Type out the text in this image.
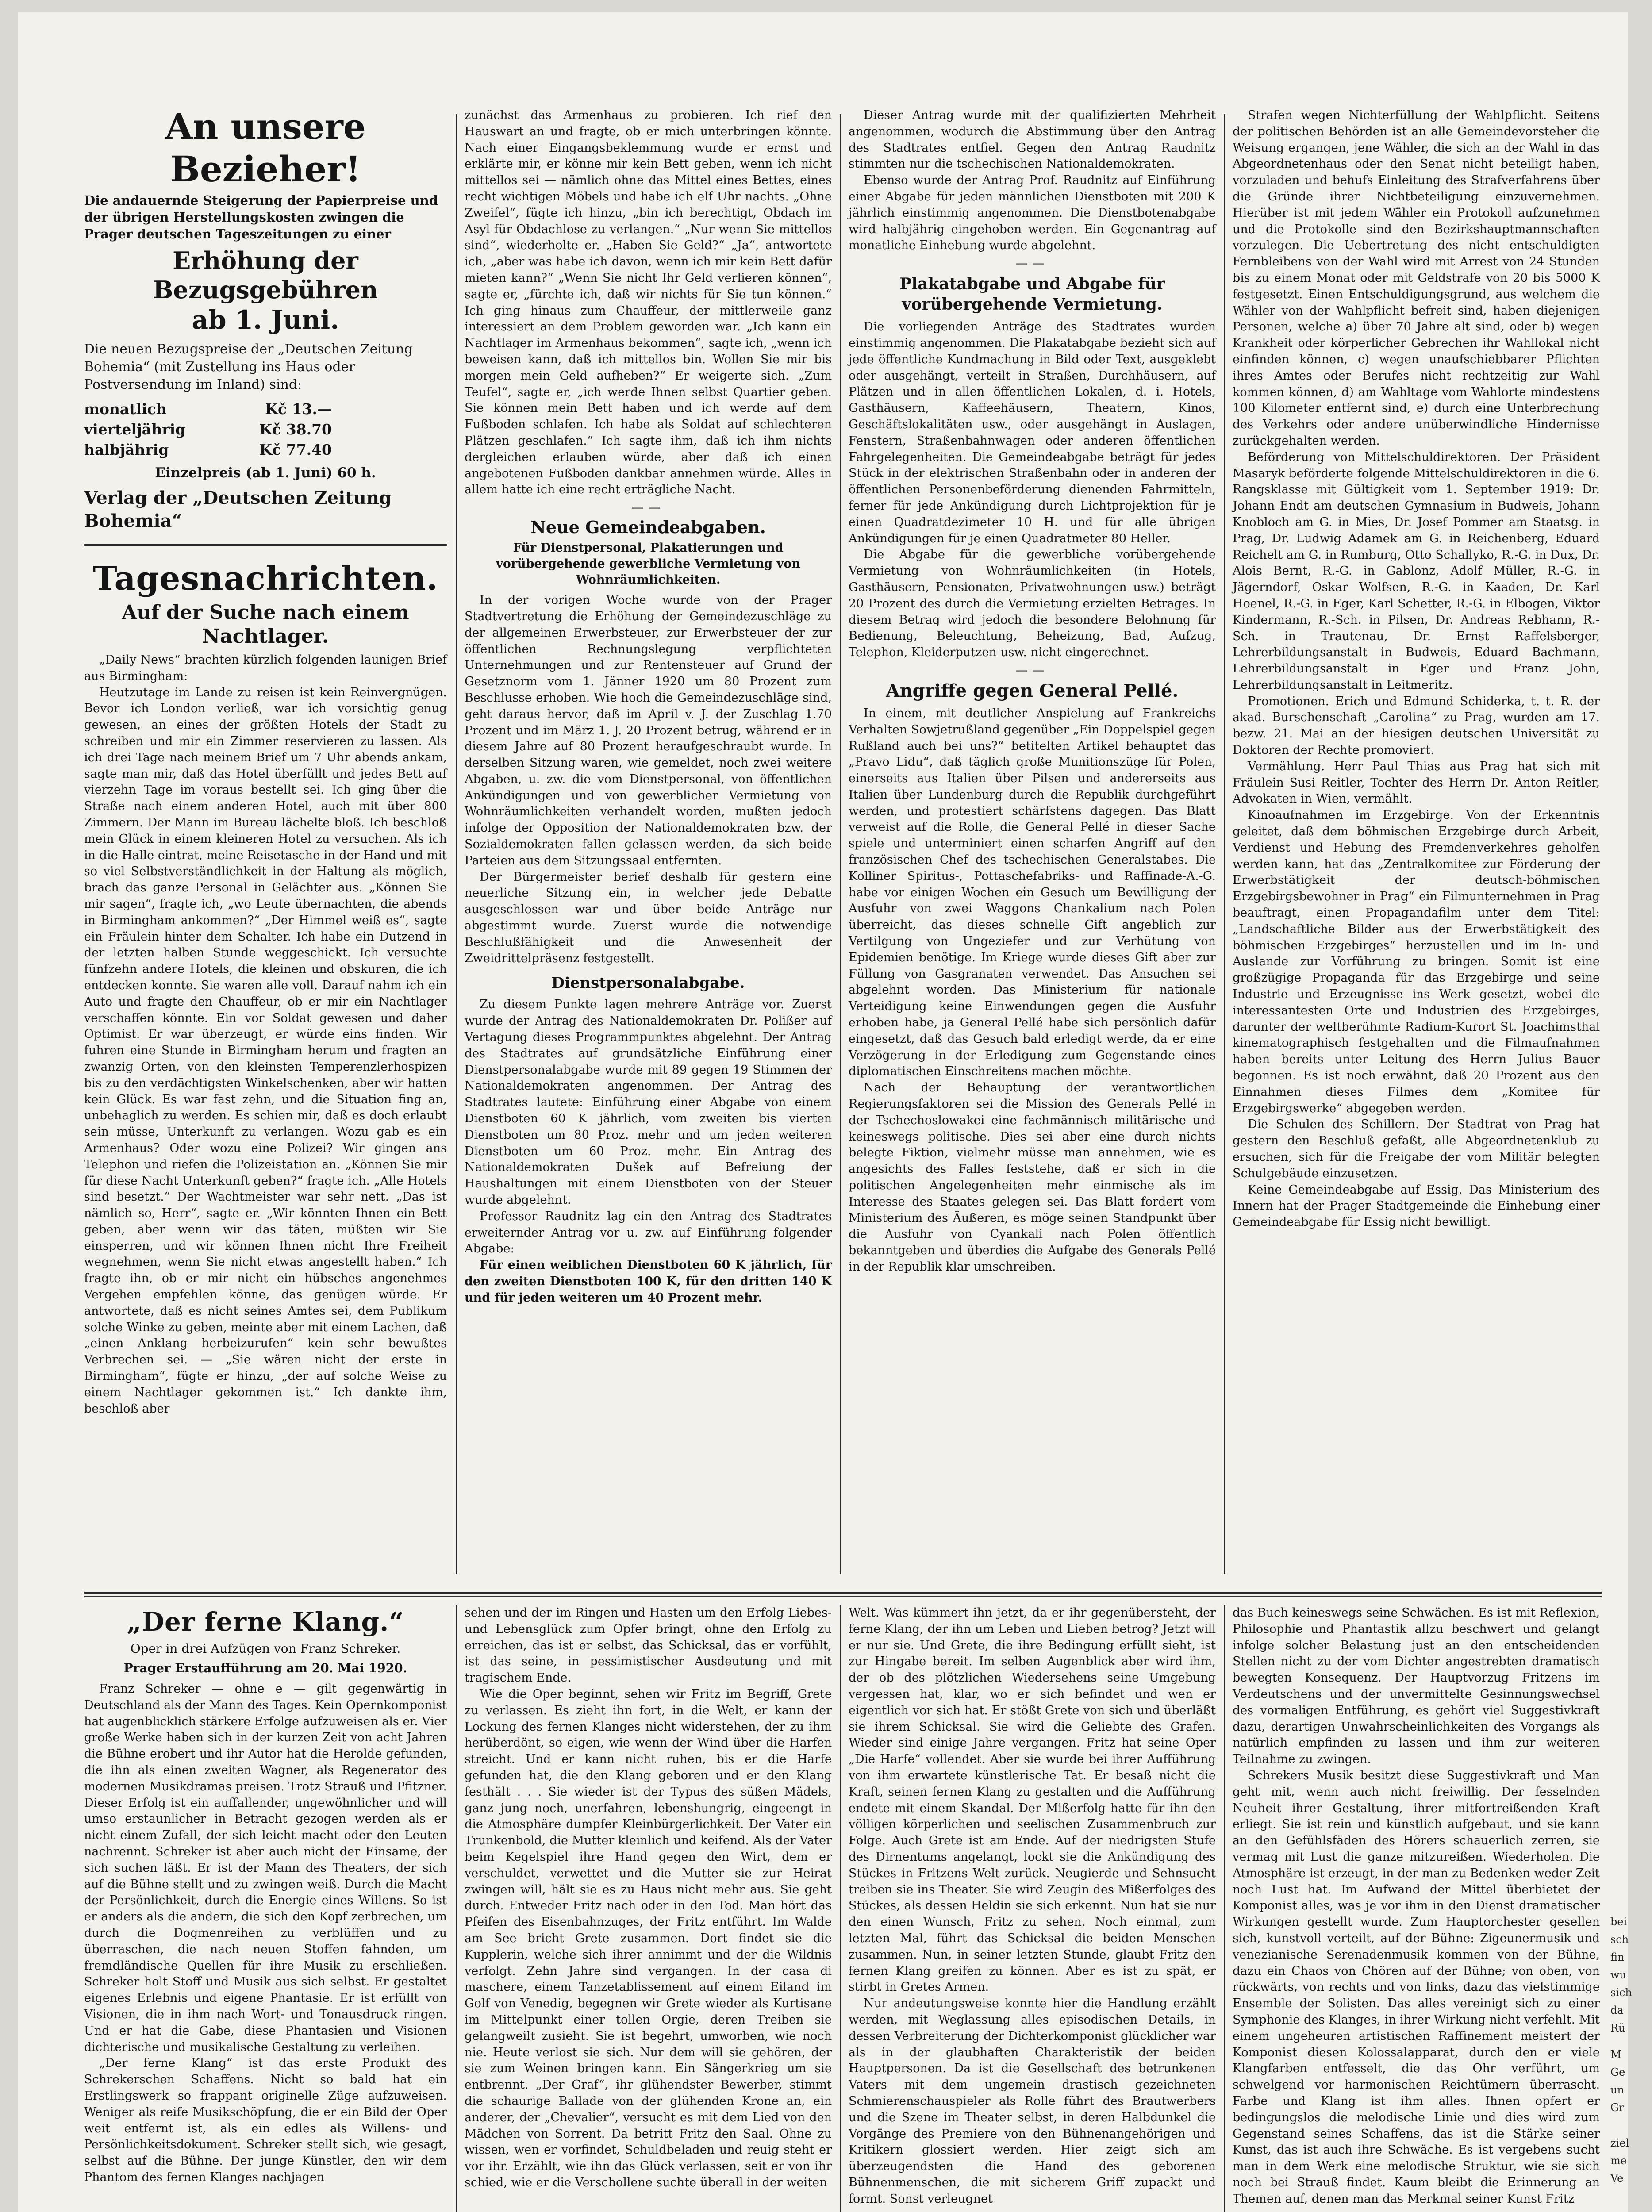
An unsere Bezieher!

Die andauernde Steigerung der Papierpreise und der übrigen Herstellungskosten zwingen die Prager deutschen Tageszeitungen zu einer

Erhöhung der Bezugsgebühren

ab 1. Juni.

Die neuen Bezugspreise der „Deutschen Zeitung Bohemia“ (mit Zustellung ins Haus oder Postversendung im Inland) sind:

monatlich	Kč 13.—
vierteljährig	Kč 38.70
halbjährig	Kč 77.40

Einzelpreis (ab 1. Juni) 60 h.

Verlag der „Deutschen Zeitung Bohemia“

Tagesnachrichten.

Auf der Suche nach einem Nachtlager.

„Daily News“ brachten kürzlich folgenden launigen Brief aus Birmingham:

Heutzutage im Lande zu reisen ist kein Reinvergnügen. Bevor ich London verließ, war ich vorsichtig genug gewesen, an eines der größten Hotels der Stadt zu schreiben und mir ein Zimmer reservieren zu lassen. Als ich drei Tage nach meinem Brief um 7 Uhr abends ankam, sagte man mir, daß das Hotel überfüllt und jedes Bett auf vierzehn Tage im voraus bestellt sei. Ich ging über die Straße nach einem anderen Hotel, auch mit über 800 Zimmern. Der Mann im Bureau lächelte bloß. Ich beschloß mein Glück in einem kleineren Hotel zu versuchen. Als ich in die Halle eintrat, meine Reisetasche in der Hand und mit so viel Selbstverständlichkeit in der Haltung als möglich, brach das ganze Personal in Gelächter aus. „Können Sie mir sagen“, fragte ich, „wo Leute übernachten, die abends in Birmingham ankommen?“ „Der Himmel weiß es“, sagte ein Fräulein hinter dem Schalter. Ich habe ein Dutzend in der letzten halben Stunde weggeschickt. Ich versuchte fünfzehn andere Hotels, die kleinen und obskuren, die ich entdecken konnte. Sie waren alle voll. Darauf nahm ich ein Auto und fragte den Chauffeur, ob er mir ein Nachtlager verschaffen könnte. Ein vor Soldat gewesen und daher Optimist. Er war überzeugt, er würde eins finden. Wir fuhren eine Stunde in Birmingham herum und fragten an zwanzig Orten, von den kleinsten Temperenzlerhospizen bis zu den verdächtigsten Winkelschenken, aber wir hatten kein Glück. Es war fast zehn, und die Situation fing an, unbehaglich zu werden. Es schien mir, daß es doch erlaubt sein müsse, Unterkunft zu verlangen. Wozu gab es ein Armenhaus? Oder wozu eine Polizei? Wir gingen ans Telephon und riefen die Polizeistation an. „Können Sie mir für diese Nacht Unterkunft geben?“ fragte ich. „Alle Hotels sind besetzt.“ Der Wachtmeister war sehr nett. „Das ist nämlich so, Herr“, sagte er. „Wir könnten Ihnen ein Bett geben, aber wenn wir das täten, müßten wir Sie einsperren, und wir können Ihnen nicht Ihre Freiheit wegnehmen, wenn Sie nicht etwas angestellt haben.“ Ich fragte ihn, ob er mir nicht ein hübsches angenehmes Vergehen empfehlen könne, das genügen würde. Er antwortete, daß es nicht seines Amtes sei, dem Publikum solche Winke zu geben, meinte aber mit einem Lachen, daß „einen Anklang herbeizurufen“ kein sehr bewußtes Verbrechen sei. — „Sie wären nicht der erste in Birmingham“, fügte er hinzu, „der auf solche Weise zu einem Nachtlager gekommen ist.“ Ich dankte ihm, beschloß aber

zunächst das Armenhaus zu probieren. Ich rief den Hauswart an und fragte, ob er mich unterbringen könnte. Nach einer Eingangsbeklemmung wurde er ernst und erklärte mir, er könne mir kein Bett geben, wenn ich nicht mittellos sei — nämlich ohne das Mittel eines Bettes, eines recht wichtigen Möbels und habe ich elf Uhr nachts. „Ohne Zweifel“, fügte ich hinzu, „bin ich berechtigt, Obdach im Asyl für Obdachlose zu verlangen.“ „Nur wenn Sie mittellos sind“, wiederholte er. „Haben Sie Geld?“ „Ja“, antwortete ich, „aber was habe ich davon, wenn ich mir kein Bett dafür mieten kann?“ „Wenn Sie nicht Ihr Geld verlieren können“, sagte er, „fürchte ich, daß wir nichts für Sie tun können.“ Ich ging hinaus zum Chauffeur, der mittlerweile ganz interessiert an dem Problem geworden war. „Ich kann ein Nachtlager im Armenhaus bekommen“, sagte ich, „wenn ich beweisen kann, daß ich mittellos bin. Wollen Sie mir bis morgen mein Geld aufheben?“ Er weigerte sich. „Zum Teufel“, sagte er, „ich werde Ihnen selbst Quartier geben. Sie können mein Bett haben und ich werde auf dem Fußboden schlafen. Ich habe als Soldat auf schlechteren Plätzen geschlafen.“ Ich sagte ihm, daß ich ihm nichts dergleichen erlauben würde, aber daß ich einen angebotenen Fußboden dankbar annehmen würde. Alles in allem hatte ich eine recht erträgliche Nacht.

——

Neue Gemeindeabgaben.

Für Dienstpersonal, Plakatierungen und vorübergehende gewerbliche Vermietung von Wohnräumlichkeiten.

In der vorigen Woche wurde von der Prager Stadtvertretung die Erhöhung der Gemeindezuschläge zu der allgemeinen Erwerbsteuer, zur Erwerbsteuer der zur öffentlichen Rechnungslegung verpflichteten Unternehmungen und zur Rentensteuer auf Grund der Gesetznorm vom 1. Jänner 1920 um 80 Prozent zum Beschlusse erhoben. Wie hoch die Gemeindezuschläge sind, geht daraus hervor, daß im April v. J. der Zuschlag 1.70 Prozent und im März 1. J. 20 Prozent betrug, während er in diesem Jahre auf 80 Prozent heraufgeschraubt wurde. In derselben Sitzung waren, wie gemeldet, noch zwei weitere Abgaben, u. zw. die vom Dienstpersonal, von öffentlichen Ankündigungen und von gewerblicher Vermietung von Wohnräumlichkeiten verhandelt worden, mußten jedoch infolge der Opposition der Nationaldemokraten bzw. der Sozialdemokraten fallen gelassen werden, da sich beide Parteien aus dem Sitzungssaal entfernten.

Der Bürgermeister berief deshalb für gestern eine neuerliche Sitzung ein, in welcher jede Debatte ausgeschlossen war und über beide Anträge nur abgestimmt wurde. Zuerst wurde die notwendige Beschlußfähigkeit und die Anwesenheit der Zweidrittelpräsenz festgestellt.

Dienstpersonalabgabe.

Zu diesem Punkte lagen mehrere Anträge vor. Zuerst wurde der Antrag des Nationaldemokraten Dr. Polißer auf Vertagung dieses Programmpunktes abgelehnt. Der Antrag des Stadtrates auf grundsätzliche Einführung einer Dienstpersonalabgabe wurde mit 89 gegen 19 Stimmen der Nationaldemokraten angenommen. Der Antrag des Stadtrates lautete: Einführung einer Abgabe von einem Dienstboten 60 K jährlich, vom zweiten bis vierten Dienstboten um 80 Proz. mehr und um jeden weiteren Dienstboten um 60 Proz. mehr. Ein Antrag des Nationaldemokraten Dušek auf Befreiung der Haushaltungen mit einem Dienstboten von der Steuer wurde abgelehnt.

Professor Raudnitz lag ein den Antrag des Stadtrates erweiternder Antrag vor u. zw. auf Einführung folgender Abgabe:

Für einen weiblichen Dienstboten 60 K jährlich, für den zweiten Dienstboten 100 K, für den dritten 140 K und für jeden weiteren um 40 Prozent mehr.

Dieser Antrag wurde mit der qualifizierten Mehrheit angenommen, wodurch die Abstimmung über den Antrag des Stadtrates entfiel. Gegen den Antrag Raudnitz stimmten nur die tschechischen Nationaldemokraten.

Ebenso wurde der Antrag Prof. Raudnitz auf Einführung einer Abgabe für jeden männlichen Dienstboten mit 200 K jährlich einstimmig angenommen. Die Dienstbotenabgabe wird halbjährig eingehoben werden. Ein Gegenantrag auf monatliche Einhebung wurde abgelehnt.

——

Plakatabgabe und Abgabe für vorübergehende Vermietung.

Die vorliegenden Anträge des Stadtrates wurden einstimmig angenommen. Die Plakatabgabe bezieht sich auf jede öffentliche Kundmachung in Bild oder Text, ausgeklebt oder ausgehängt, verteilt in Straßen, Durchhäusern, auf Plätzen und in allen öffentlichen Lokalen, d. i. Hotels, Gasthäusern, Kaffeehäusern, Theatern, Kinos, Geschäftslokalitäten usw., oder ausgehängt in Auslagen, Fenstern, Straßenbahnwagen oder anderen öffentlichen Fahrgelegenheiten. Die Gemeindeabgabe beträgt für jedes Stück in der elektrischen Straßenbahn oder in anderen der öffentlichen Personenbeförderung dienenden Fahrmitteln, ferner für jede Ankündigung durch Lichtprojektion für je einen Quadratdezimeter 10 H. und für alle übrigen Ankündigungen für je einen Quadratmeter 80 Heller.

Die Abgabe für die gewerbliche vorübergehende Vermietung von Wohnräumlichkeiten (in Hotels, Gasthäusern, Pensionaten, Privatwohnungen usw.) beträgt 20 Prozent des durch die Vermietung erzielten Betrages. In diesem Betrag wird jedoch die besondere Belohnung für Bedienung, Beleuchtung, Beheizung, Bad, Aufzug, Telephon, Kleiderputzen usw. nicht eingerechnet.

——

Angriffe gegen General Pellé.

In einem, mit deutlicher Anspielung auf Frankreichs Verhalten Sowjetrußland gegenüber „Ein Doppelspiel gegen Rußland auch bei uns?“ betitelten Artikel behauptet das „Pravo Lidu“, daß täglich große Munitionszüge für Polen, einerseits aus Italien über Pilsen und andererseits aus Italien über Lundenburg durch die Republik durchgeführt werden, und protestiert schärfstens dagegen. Das Blatt verweist auf die Rolle, die General Pellé in dieser Sache spiele und unterminiert einen scharfen Angriff auf den französischen Chef des tschechischen Generalstabes. Die Kolliner Spiritus-, Pottaschefabriks- und Raffinade-A.-G. habe vor einigen Wochen ein Gesuch um Bewilligung der Ausfuhr von zwei Waggons Chankalium nach Polen überreicht, das dieses schnelle Gift angeblich zur Vertilgung von Ungeziefer und zur Verhütung von Epidemien benötige. Im Kriege wurde dieses Gift aber zur Füllung von Gasgranaten verwendet. Das Ansuchen sei abgelehnt worden. Das Ministerium für nationale Verteidigung keine Einwendungen gegen die Ausfuhr erhoben habe, ja General Pellé habe sich persönlich dafür eingesetzt, daß das Gesuch bald erledigt werde, da er eine Verzögerung in der Erledigung zum Gegenstande eines diplomatischen Einschreitens machen möchte.

Nach der Behauptung der verantwortlichen Regierungsfaktoren sei die Mission des Generals Pellé in der Tschechoslowakei eine fachmännisch militärische und keineswegs politische. Dies sei aber eine durch nichts belegte Fiktion, vielmehr müsse man annehmen, wie es angesichts des Falles feststehe, daß er sich in die politischen Angelegenheiten mehr einmische als im Interesse des Staates gelegen sei. Das Blatt fordert vom Ministerium des Äußeren, es möge seinen Standpunkt über die Ausfuhr von Cyankali nach Polen öffentlich bekanntgeben und überdies die Aufgabe des Generals Pellé in der Republik klar umschreiben.

Strafen wegen Nichterfüllung der Wahlpflicht. Seitens der politischen Behörden ist an alle Gemeindevorsteher die Weisung ergangen, jene Wähler, die sich an der Wahl in das Abgeordnetenhaus oder den Senat nicht beteiligt haben, vorzuladen und behufs Einleitung des Strafverfahrens über die Gründe ihrer Nichtbeteiligung einzuvernehmen. Hierüber ist mit jedem Wähler ein Protokoll aufzunehmen und die Protokolle sind den Bezirkshauptmannschaften vorzulegen. Die Uebertretung des nicht entschuldigten Fernbleibens von der Wahl wird mit Arrest von 24 Stunden bis zu einem Monat oder mit Geldstrafe von 20 bis 5000 K festgesetzt. Einen Entschuldigungsgrund, aus welchem die Wähler von der Wahlpflicht befreit sind, haben diejenigen Personen, welche a) über 70 Jahre alt sind, oder b) wegen Krankheit oder körperlicher Gebrechen ihr Wahllokal nicht einfinden können, c) wegen unaufschiebbarer Pflichten ihres Amtes oder Berufes nicht rechtzeitig zur Wahl kommen können, d) am Wahltage vom Wahlorte mindestens 100 Kilometer entfernt sind, e) durch eine Unterbrechung des Verkehrs oder andere unüberwindliche Hindernisse zurückgehalten werden.

Beförderung von Mittelschuldirektoren. Der Präsident Masaryk beförderte folgende Mittelschuldirektoren in die 6. Rangsklasse mit Gültigkeit vom 1. September 1919: Dr. Johann Endt am deutschen Gymnasium in Budweis, Johann Knobloch am G. in Mies, Dr. Josef Pommer am Staatsg. in Prag, Dr. Ludwig Adamek am G. in Reichenberg, Eduard Reichelt am G. in Rumburg, Otto Schallyko, R.-G. in Dux, Dr. Alois Bernt, R.-G. in Gablonz, Adolf Müller, R.-G. in Jägerndorf, Oskar Wolfsen, R.-G. in Kaaden, Dr. Karl Hoenel, R.-G. in Eger, Karl Schetter, R.-G. in Elbogen, Viktor Kindermann, R.-Sch. in Pilsen, Dr. Andreas Rebhann, R.-Sch. in Trautenau, Dr. Ernst Raffelsberger, Lehrerbildungsanstalt in Budweis, Eduard Bachmann, Lehrerbildungsanstalt in Eger und Franz John, Lehrerbildungsanstalt in Leitmeritz.

Promotionen. Erich und Edmund Schiderka, t. t. R. der akad. Burschenschaft „Carolina“ zu Prag, wurden am 17. bezw. 21. Mai an der hiesigen deutschen Universität zu Doktoren der Rechte promoviert.

Vermählung. Herr Paul Thias aus Prag hat sich mit Fräulein Susi Reitler, Tochter des Herrn Dr. Anton Reitler, Advokaten in Wien, vermählt.

Kinoaufnahmen im Erzgebirge. Von der Erkenntnis geleitet, daß dem böhmischen Erzgebirge durch Arbeit, Verdienst und Hebung des Fremdenverkehres geholfen werden kann, hat das „Zentralkomitee zur Förderung der Erwerbstätigkeit der deutsch-böhmischen Erzgebirgsbewohner in Prag“ ein Filmunternehmen in Prag beauftragt, einen Propagandafilm unter dem Titel: „Landschaftliche Bilder aus der Erwerbstätigkeit des böhmischen Erzgebirges“ herzustellen und im In- und Auslande zur Vorführung zu bringen. Somit ist eine großzügige Propaganda für das Erzgebirge und seine Industrie und Erzeugnisse ins Werk gesetzt, wobei die interessantesten Orte und Industrien des Erzgebirges, darunter der weltberühmte Radium-Kurort St. Joachimsthal kinematographisch festgehalten und die Filmaufnahmen haben bereits unter Leitung des Herrn Julius Bauer begonnen. Es ist noch erwähnt, daß 20 Prozent aus den Einnahmen dieses Filmes dem „Komitee für Erzgebirgswerke“ abgegeben werden.

Die Schulen des Schillern. Der Stadtrat von Prag hat gestern den Beschluß gefaßt, alle Abgeordnetenklub zu ersuchen, sich für die Freigabe der vom Militär belegten Schulgebäude einzusetzen.

Keine Gemeindeabgabe auf Essig. Das Ministerium des Innern hat der Prager Stadtgemeinde die Einhebung einer Gemeindeabgabe für Essig nicht bewilligt.

„Der ferne Klang.“

Oper in drei Aufzügen von Franz Schreker.

Prager Erstaufführung am 20. Mai 1920.

Franz Schreker — ohne e — gilt gegenwärtig in Deutschland als der Mann des Tages. Kein Opernkomponist hat augenblicklich stärkere Erfolge aufzuweisen als er. Vier große Werke haben sich in der kurzen Zeit von acht Jahren die Bühne erobert und ihr Autor hat die Herolde gefunden, die ihn als einen zweiten Wagner, als Regenerator des modernen Musikdramas preisen. Trotz Strauß und Pfitzner. Dieser Erfolg ist ein auffallender, ungewöhnlicher und will umso erstaunlicher in Betracht gezogen werden als er nicht einem Zufall, der sich leicht macht oder den Leuten nachrennt. Schreker ist aber auch nicht der Einsame, der sich suchen läßt. Er ist der Mann des Theaters, der sich auf die Bühne stellt und zu zwingen weiß. Durch die Macht der Persönlichkeit, durch die Energie eines Willens. So ist er anders als die andern, die sich den Kopf zerbrechen, um durch die Dogmenreihen zu verblüffen und zu überraschen, die nach neuen Stoffen fahnden, um fremdländische Quellen für ihre Musik zu erschließen. Schreker holt Stoff und Musik aus sich selbst. Er gestaltet eigenes Erlebnis und eigene Phantasie. Er ist erfüllt von Visionen, die in ihm nach Wort- und Tonausdruck ringen. Und er hat die Gabe, diese Phantasien und Visionen dichterische und musikalische Gestaltung zu verleihen.

„Der ferne Klang“ ist das erste Produkt des Schrekerschen Schaffens. Nicht so bald hat ein Erstlingswerk so frappant originelle Züge aufzuweisen. Weniger als reife Musikschöpfung, die er ein Bild der Oper weit entfernt ist, als ein edles als Willens- und Persönlichkeitsdokument. Schreker stellt sich, wie gesagt, selbst auf die Bühne. Der junge Künstler, den wir dem Phantom des fernen Klanges nachjagen

sehen und der im Ringen und Hasten um den Erfolg Liebes- und Lebensglück zum Opfer bringt, ohne den Erfolg zu erreichen, das ist er selbst, das Schicksal, das er vorfühlt, ist das seine, in pessimistischer Ausdeutung und mit tragischem Ende.

Wie die Oper beginnt, sehen wir Fritz im Begriff, Grete zu verlassen. Es zieht ihn fort, in die Welt, er kann der Lockung des fernen Klanges nicht widerstehen, der zu ihm herüberdönt, so eigen, wie wenn der Wind über die Harfen streicht. Und er kann nicht ruhen, bis er die Harfe gefunden hat, die den Klang geboren und er den Klang festhält . . . Sie wieder ist der Typus des süßen Mädels, ganz jung noch, unerfahren, lebenshungrig, eingeengt in die Atmosphäre dumpfer Kleinbürgerlichkeit. Der Vater ein Trunkenbold, die Mutter kleinlich und keifend. Als der Vater beim Kegelspiel ihre Hand gegen den Wirt, dem er verschuldet, verwettet und die Mutter sie zur Heirat zwingen will, hält sie es zu Haus nicht mehr aus. Sie geht durch. Entweder Fritz nach oder in den Tod. Man hört das Pfeifen des Eisenbahnzuges, der Fritz entführt. Im Walde am See bricht Grete zusammen. Dort findet sie die Kupplerin, welche sich ihrer annimmt und der die Wildnis verfolgt. Zehn Jahre sind vergangen. In der casa di maschere, einem Tanzetablissement auf einem Eiland im Golf von Venedig, begegnen wir Grete wieder als Kurtisane im Mittelpunkt einer tollen Orgie, deren Treiben sie gelangweilt zusieht. Sie ist begehrt, umworben, wie noch nie. Heute verlost sie sich. Nur dem will sie gehören, der sie zum Weinen bringen kann. Ein Sängerkrieg um sie entbrennt. „Der Graf“, ihr glühendster Bewerber, stimmt die schaurige Ballade von der glühenden Krone an, ein anderer, der „Chevalier“, versucht es mit dem Lied von den Mädchen von Sorrent. Da betritt Fritz den Saal. Ohne zu wissen, wen er vorfindet, Schuldbeladen und reuig steht er vor ihr. Erzählt, wie ihn das Glück verlassen, seit er von ihr schied, wie er die Verschollene suchte überall in der weiten

Welt. Was kümmert ihn jetzt, da er ihr gegenübersteht, der ferne Klang, der ihn um Leben und Lieben betrog? Jetzt will er nur sie. Und Grete, die ihre Bedingung erfüllt sieht, ist zur Hingabe bereit. Im selben Augenblick aber wird ihm, der ob des plötzlichen Wiedersehens seine Umgebung vergessen hat, klar, wo er sich befindet und wen er eigentlich vor sich hat. Er stößt Grete von sich und überläßt sie ihrem Schicksal. Sie wird die Geliebte des Grafen. Wieder sind einige Jahre vergangen. Fritz hat seine Oper „Die Harfe“ vollendet. Aber sie wurde bei ihrer Aufführung von ihm erwartete künstlerische Tat. Er besaß nicht die Kraft, seinen fernen Klang zu gestalten und die Aufführung endete mit einem Skandal. Der Mißerfolg hatte für ihn den völligen körperlichen und seelischen Zusammenbruch zur Folge. Auch Grete ist am Ende. Auf der niedrigsten Stufe des Dirnentums angelangt, lockt sie die Ankündigung des Stückes in Fritzens Welt zurück. Neugierde und Sehnsucht treiben sie ins Theater. Sie wird Zeugin des Mißerfolges des Stückes, als dessen Heldin sie sich erkennt. Nun hat sie nur den einen Wunsch, Fritz zu sehen. Noch einmal, zum letzten Mal, führt das Schicksal die beiden Menschen zusammen. Nun, in seiner letzten Stunde, glaubt Fritz den fernen Klang greifen zu können. Aber es ist zu spät, er stirbt in Gretes Armen.

Nur andeutungsweise konnte hier die Handlung erzählt werden, mit Weglassung alles episodischen Details, in dessen Verbreiterung der Dichterkomponist glücklicher war als in der glaubhaften Charakteristik der beiden Hauptpersonen. Da ist die Gesellschaft des betrunkenen Vaters mit dem ungemein drastisch gezeichneten Schmierenschauspieler als Rolle führt des Brautwerbers und die Szene im Theater selbst, in deren Halbdunkel die Vorgänge des Premiere von den Bühnenangehörigen und Kritikern glossiert werden. Hier zeigt sich am überzeugendsten die Hand des geborenen Bühnenmenschen, die mit sicherem Griff zupackt und formt. Sonst verleugnet

das Buch keineswegs seine Schwächen. Es ist mit Reflexion, Philosophie und Phantastik allzu beschwert und gelangt infolge solcher Belastung just an den entscheidenden Stellen nicht zu der vom Dichter angestrebten dramatisch bewegten Konsequenz. Der Hauptvorzug Fritzens im Verdeutschens und der unvermittelte Gesinnungswechsel des vormaligen Entführung, es gehört viel Suggestivkraft dazu, derartigen Unwahrscheinlichkeiten des Vorgangs als natürlich empfinden zu lassen und ihm zur weiteren Teilnahme zu zwingen.

Schrekers Musik besitzt diese Suggestivkraft und Man geht mit, wenn auch nicht freiwillig. Der fesselnden Neuheit ihrer Gestaltung, ihrer mitfortreißenden Kraft erliegt. Sie ist rein und künstlich aufgebaut, und sie kann an den Gefühlsfäden des Hörers schauerlich zerren, sie vermag mit Lust die ganze mitzureißen. Wiederholen. Die Atmosphäre ist erzeugt, in der man zu Bedenken weder Zeit noch Lust hat. Im Aufwand der Mittel überbietet der Komponist alles, was je vor ihm in den Dienst dramatischer Wirkungen gestellt wurde. Zum Hauptorchester gesellen sich, kunstvoll verteilt, auf der Bühne: Zigeunermusik und venezianische Serenadenmusik kommen von der Bühne, dazu ein Chaos von Chören auf der Bühne; von oben, von rückwärts, von rechts und von links, dazu das vielstimmige Ensemble der Solisten. Das alles vereinigt sich zu einer Symphonie des Klanges, in ihrer Wirkung nicht verfehlt. Mit einem ungeheuren artistischen Raffinement meistert der Komponist diesen Kolossalapparat, durch den er viele Klangfarben entfesselt, die das Ohr verführt, um schwelgend vor harmonischen Reichtümern überrascht. Farbe und Klang ist ihm alles. Ihnen opfert er bedingungslos die melodische Linie und dies wird zum Gegenstand seines Schaffens, das ist die Stärke seiner Kunst, das ist auch ihre Schwäche. Es ist vergebens sucht man in dem Werk eine melodische Struktur, wie sie sich noch bei Strauß findet. Kaum bleibt die Erinnerung an Themen auf, denen man das Merkmal seiner Kunst Fritz

bei
sch
fin
wu
sich
da
Rü
M
Ge
un
Gr
ziel
me
Ve
